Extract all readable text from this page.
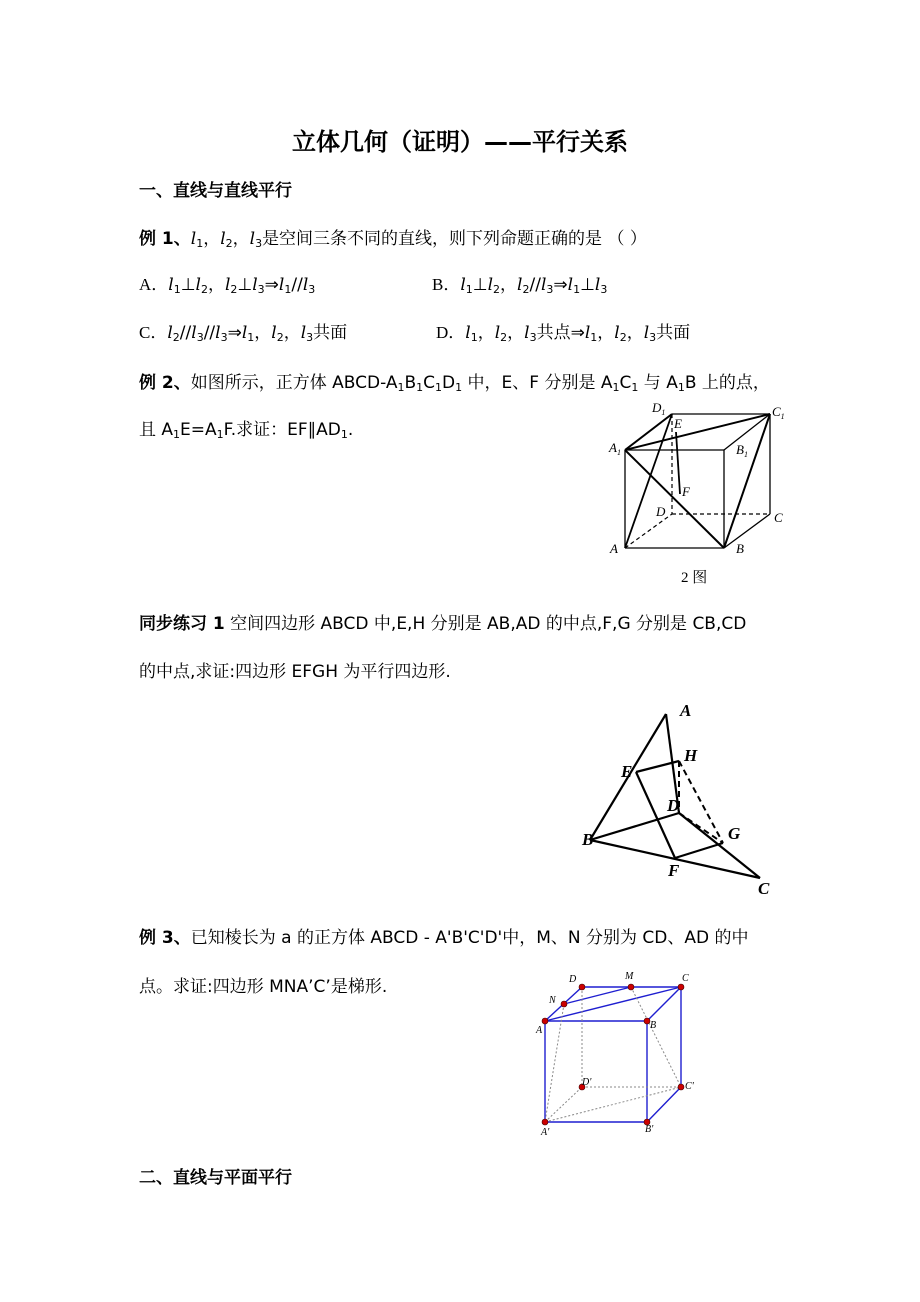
立体几何（证明）——平行关系
一、直线与直线平行
例 1、$l_1$，$l_2$，$l_3$是空间三条不同的直线，则下列命题正确的是 （ ）
A．$l_1\perp l_2$，$l_2\perp l_3\Rightarrow l_1//l_3$	B．$l_1\perp l_2$，$l_2//l_3\Rightarrow l_1\perp l_3$
C．$l_2//l_3//l_3\Rightarrow l_1$，$l_2$，$l_3$共面	D．$l_1$，$l_2$，$l_3$共点$\Rightarrow l_1$，$l_2$，$l_3$共面
例 2、如图所示，正方体 ABCD-$A_1B_1C_1D_1$ 中，E、F 分别是 $A_1C_1$ 与 $A_1B$ 上的点，
且 $A_1E=A_1F$.求证：$EF\parallel AD_1$.
$D_1$
E
$C_1$
$A_1$	$B_1$
F
D	C
A	B
2 图
同步练习 1 空间四边形 ABCD 中,E,H 分别是 AB,AD 的中点,F,G 分别是 CB,CD
的中点,求证:四边形 EFGH 为平行四边形.
A
H
E
D
G
B
F
C
例 3、已知棱长为 a 的正方体 ABCD - A'B'C'D'中，M、N 分别为 CD、AD 的中
点。求证:四边形 MNA’C’是梯形.	D	M	C
N
A	B
D'	C'
A'	B'
二、直线与平面平行
